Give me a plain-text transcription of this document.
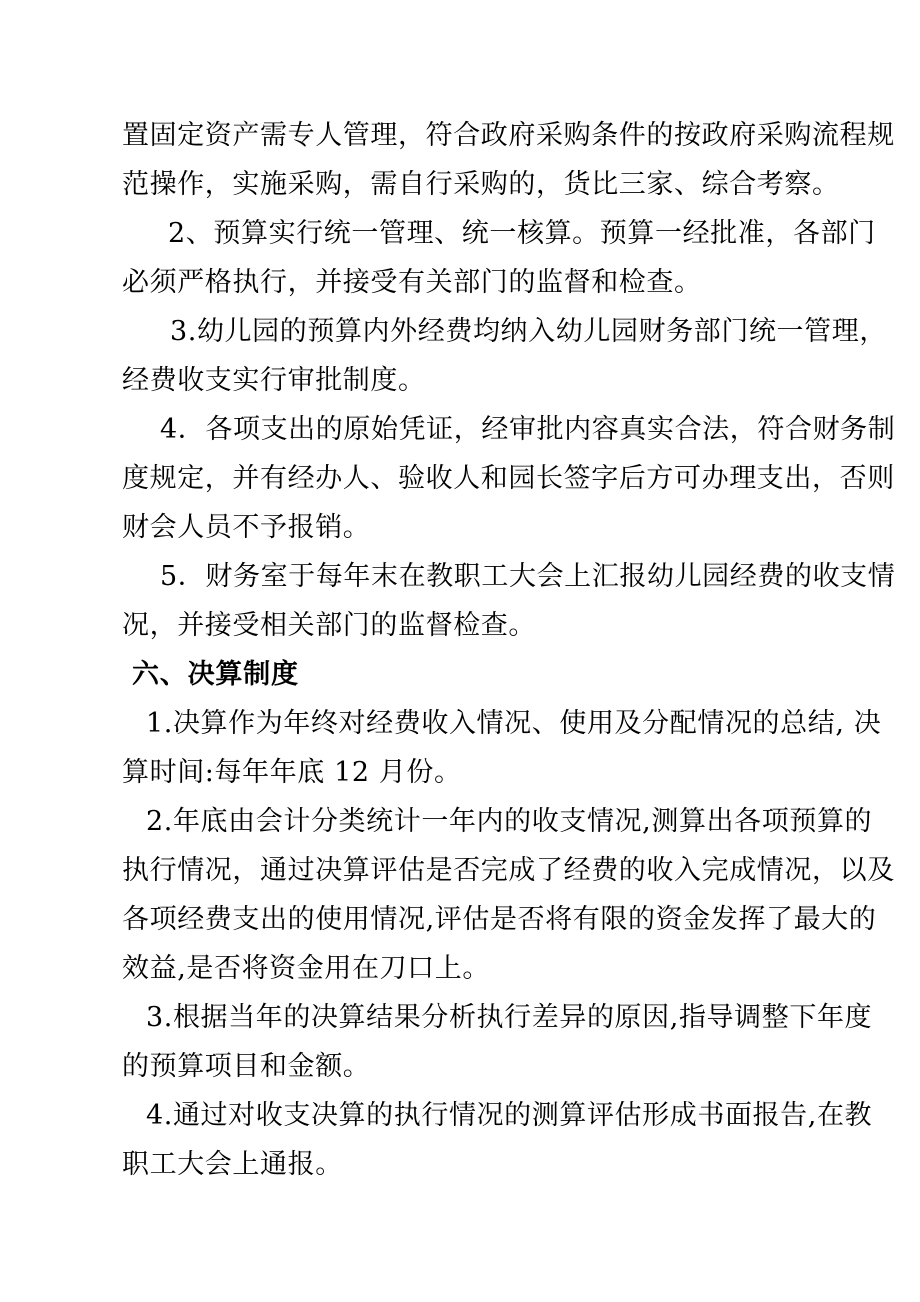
置固定资产需专人管理，符合政府采购条件的按政府采购流程规
范操作，实施采购，需自行采购的，货比三家、综合考察。
2、预算实行统一管理、统一核算。预算一经批准，各部门
必须严格执行，并接受有关部门的监督和检查。
3.幼儿园的预算内外经费均纳入幼儿园财务部门统一管理，
经费收支实行审批制度。
4．各项支出的原始凭证，经审批内容真实合法，符合财务制
度规定，并有经办人、验收人和园长签字后方可办理支出，否则
财会人员不予报销。
5．财务室于每年末在教职工大会上汇报幼儿园经费的收支情
况，并接受相关部门的监督检查。
六、决算制度
1.决算作为年终对经费收入情况、使用及分配情况的总结, 决
算时间:每年年底 12 月份。
2.年底由会计分类统计一年内的收支情况,测算出各项预算的
执行情况，通过决算评估是否完成了经费的收入完成情况，以及
各项经费支出的使用情况,评估是否将有限的资金发挥了最大的
效益,是否将资金用在刀口上。
3.根据当年的决算结果分析执行差异的原因,指导调整下年度
的预算项目和金额。
4.通过对收支决算的执行情况的测算评估形成书面报告,在教
职工大会上通报。
